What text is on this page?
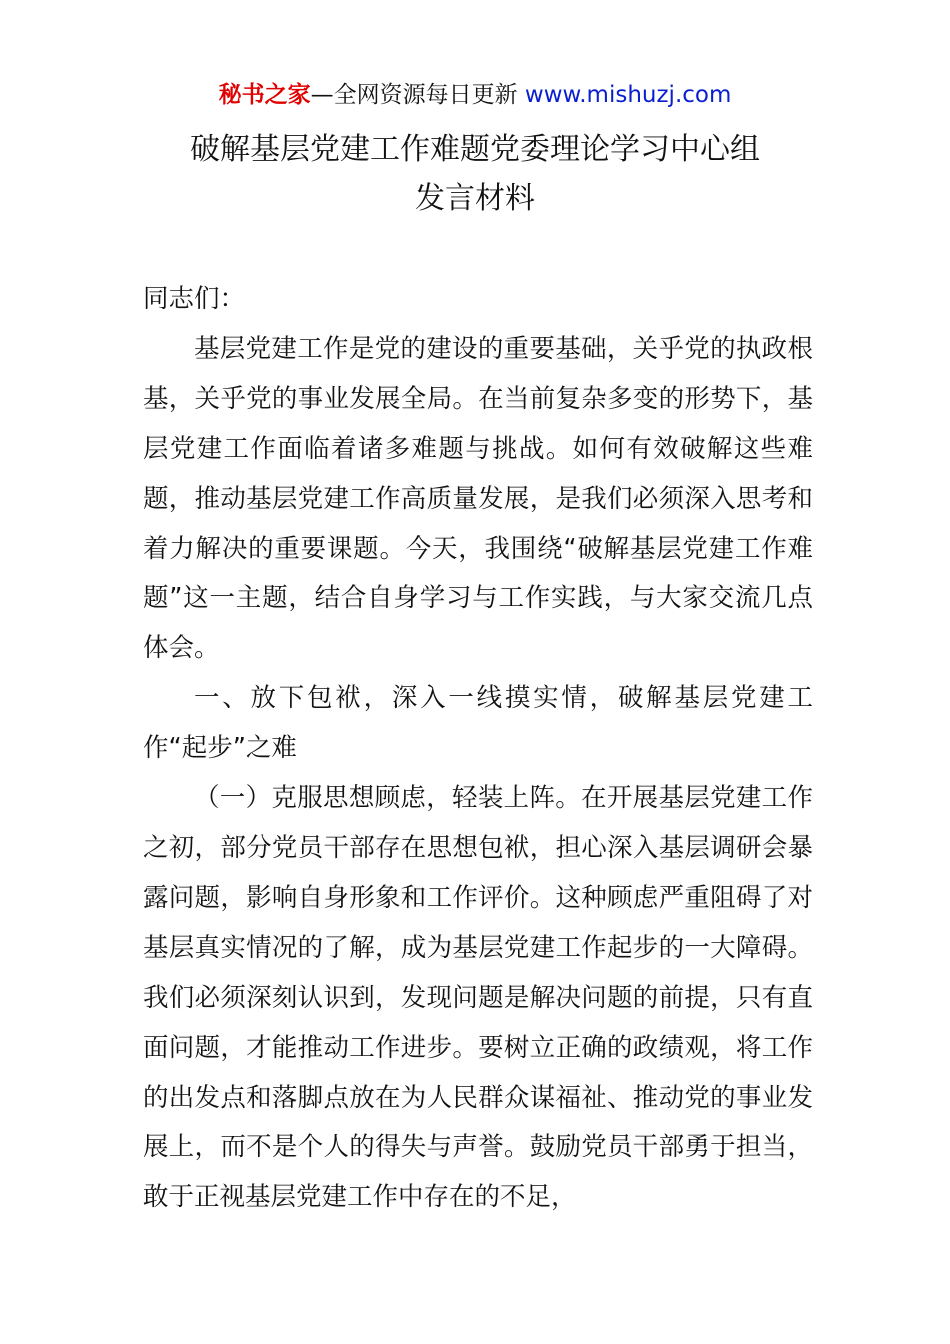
秘书之家—全网资源每日更新 www.mishuzj.com
破解基层党建工作难题党委理论学习中心组
发言材料

同志们：

基层党建工作是党的建设的重要基础，关乎党的执政根基，关乎党的事业发展全局。在当前复杂多变的形势下，基层党建工作面临着诸多难题与挑战。如何有效破解这些难题，推动基层党建工作高质量发展，是我们必须深入思考和着力解决的重要课题。今天，我围绕“破解基层党建工作难题”这一主题，结合自身学习与工作实践，与大家交流几点体会。

一、放下包袱，深入一线摸实情，破解基层党建工作“起步”之难

（一）克服思想顾虑，轻装上阵。在开展基层党建工作之初，部分党员干部存在思想包袱，担心深入基层调研会暴露问题，影响自身形象和工作评价。这种顾虑严重阻碍了对基层真实情况的了解，成为基层党建工作起步的一大障碍。我们必须深刻认识到，发现问题是解决问题的前提，只有直面问题，才能推动工作进步。要树立正确的政绩观，将工作的出发点和落脚点放在为人民群众谋福祉、推动党的事业发展上，而不是个人的得失与声誉。鼓励党员干部勇于担当，敢于正视基层党建工作中存在的不足，
